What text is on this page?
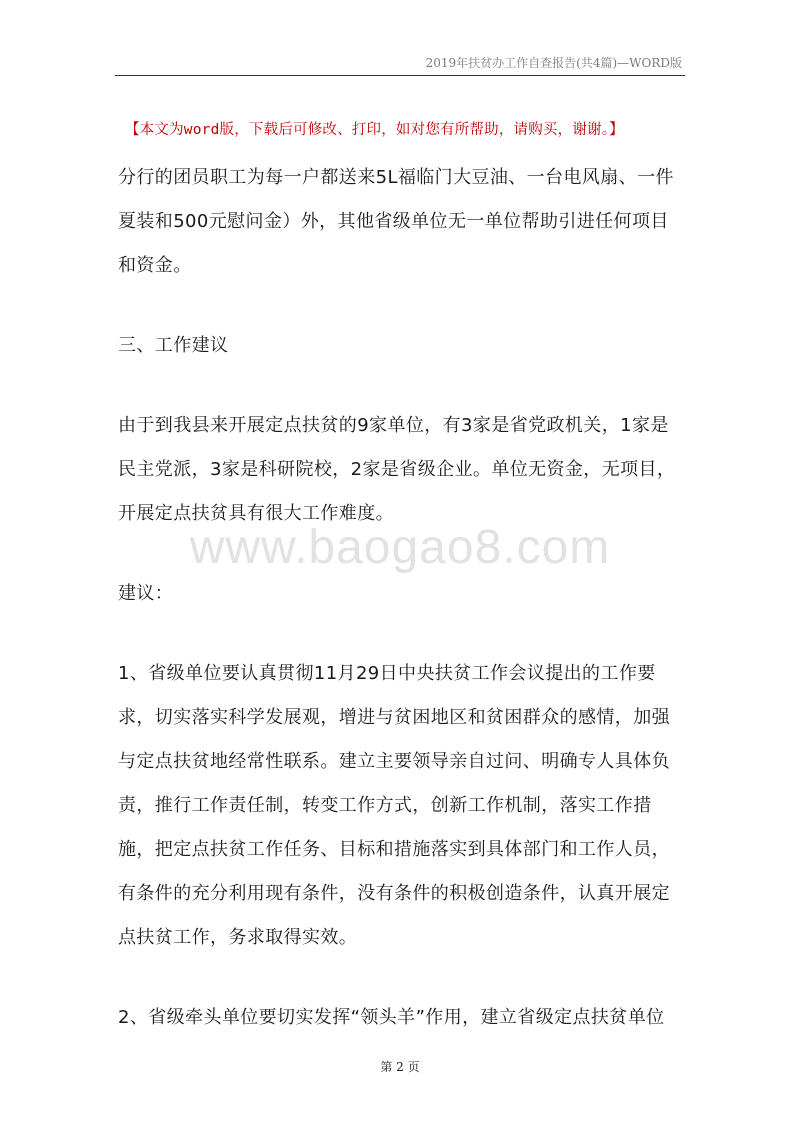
2019年扶贫办工作自查报告(共4篇)—WORD版
【本文为word版，下载后可修改、打印，如对您有所帮助，请购买，谢谢。】

分行的团员职工为每一户都送来5L福临门大豆油、一台电风扇、一件夏装和500元慰问金）外，其他省级单位无一单位帮助引进任何项目和资金。

三、工作建议

由于到我县来开展定点扶贫的9家单位，有3家是省党政机关，1家是民主党派，3家是科研院校，2家是省级企业。单位无资金，无项目，开展定点扶贫具有很大工作难度。

建议：

1、省级单位要认真贯彻11月29日中央扶贫工作会议提出的工作要求，切实落实科学发展观，增进与贫困地区和贫困群众的感情，加强与定点扶贫地经常性联系。建立主要领导亲自过问、明确专人具体负责，推行工作责任制，转变工作方式，创新工作机制，落实工作措施，把定点扶贫工作任务、目标和措施落实到具体部门和工作人员，有条件的充分利用现有条件，没有条件的积极创造条件，认真开展定点扶贫工作，务求取得实效。

2、省级牵头单位要切实发挥“领头羊”作用，建立省级定点扶贫单位

www.baogao8.com
第 2 页
